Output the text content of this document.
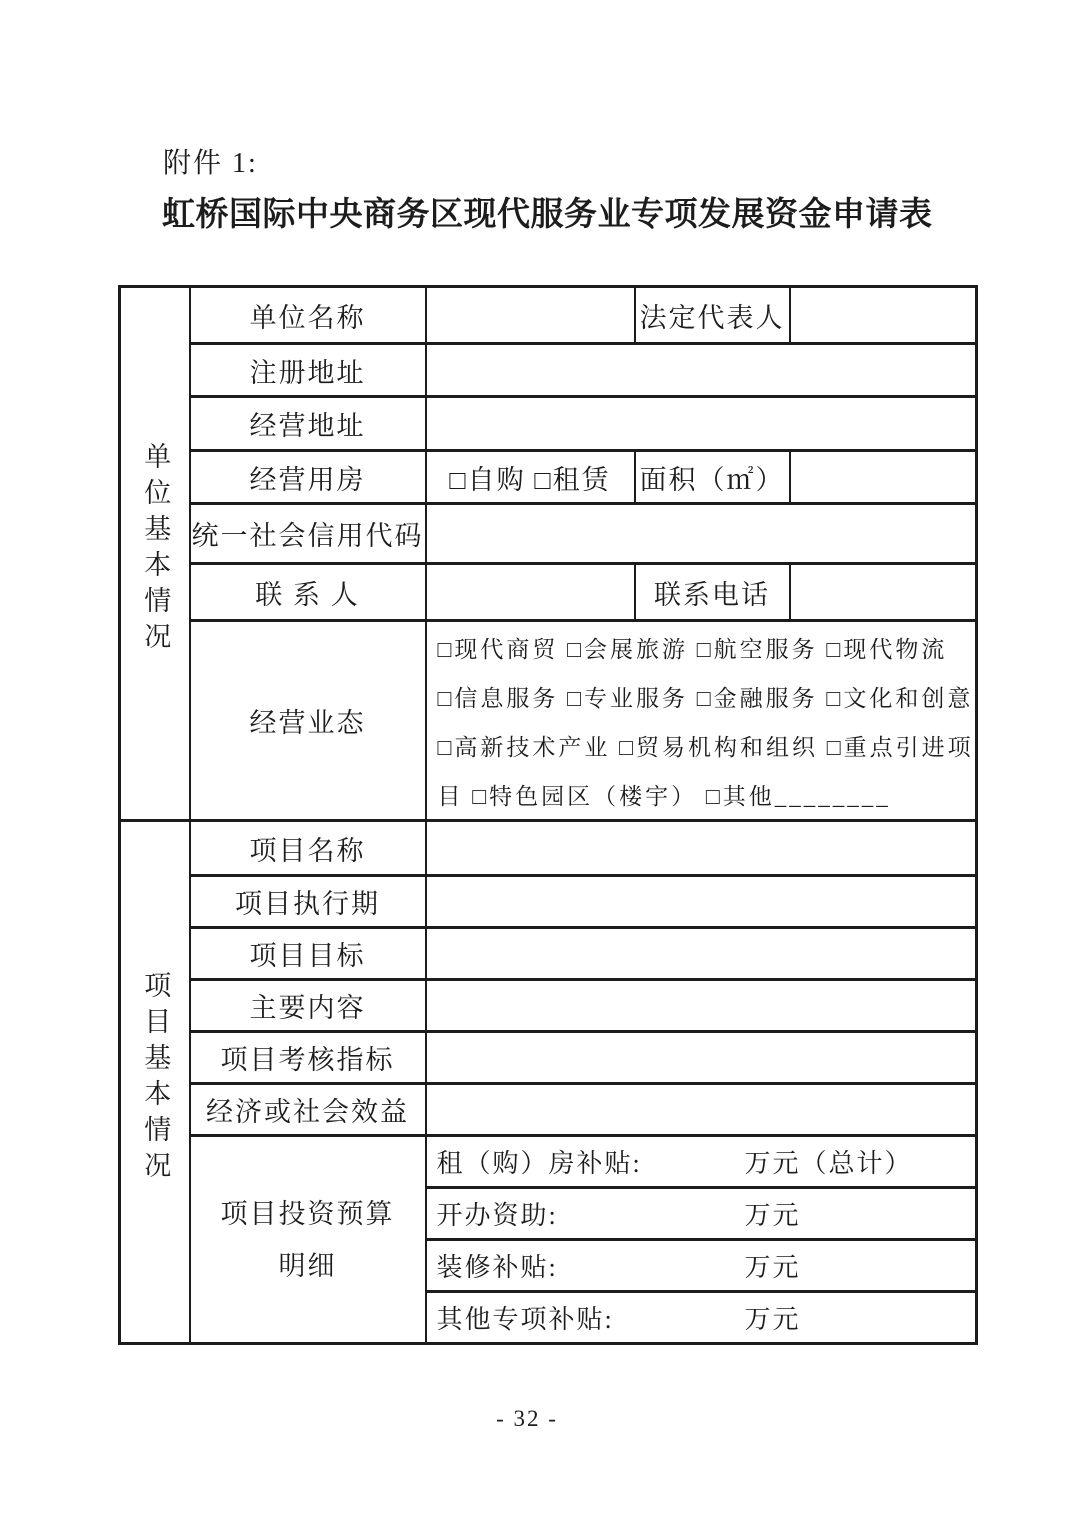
附件 1:
虹桥国际中央商务区现代服务业专项发展资金申请表
单位基本情况	单位名称		法定代表人	
	注册地址			
	经营地址			
	经营用房	□自购 □租赁	面积（㎡）	
	统一社会信用代码			
	联 系 人		联系电话	
	经营业态	□现代商贸 □会展旅游 □航空服务 □现代物流
□信息服务 □专业服务 □金融服务 □文化和创意
□高新技术产业 □贸易机构和组织 □重点引进项
目 □特色园区（楼宇） □其他________		

项目基本情况	项目名称			
	项目执行期			
	项目目标			
	主要内容			
	项目考核指标			
	经济或社会效益			

项目投资预算
明细

租（购）房补贴:	万元（总计）

		开办资助: 万元		

		装修补贴: 万元		

		其他专项补贴: 万元		
- 32 -
